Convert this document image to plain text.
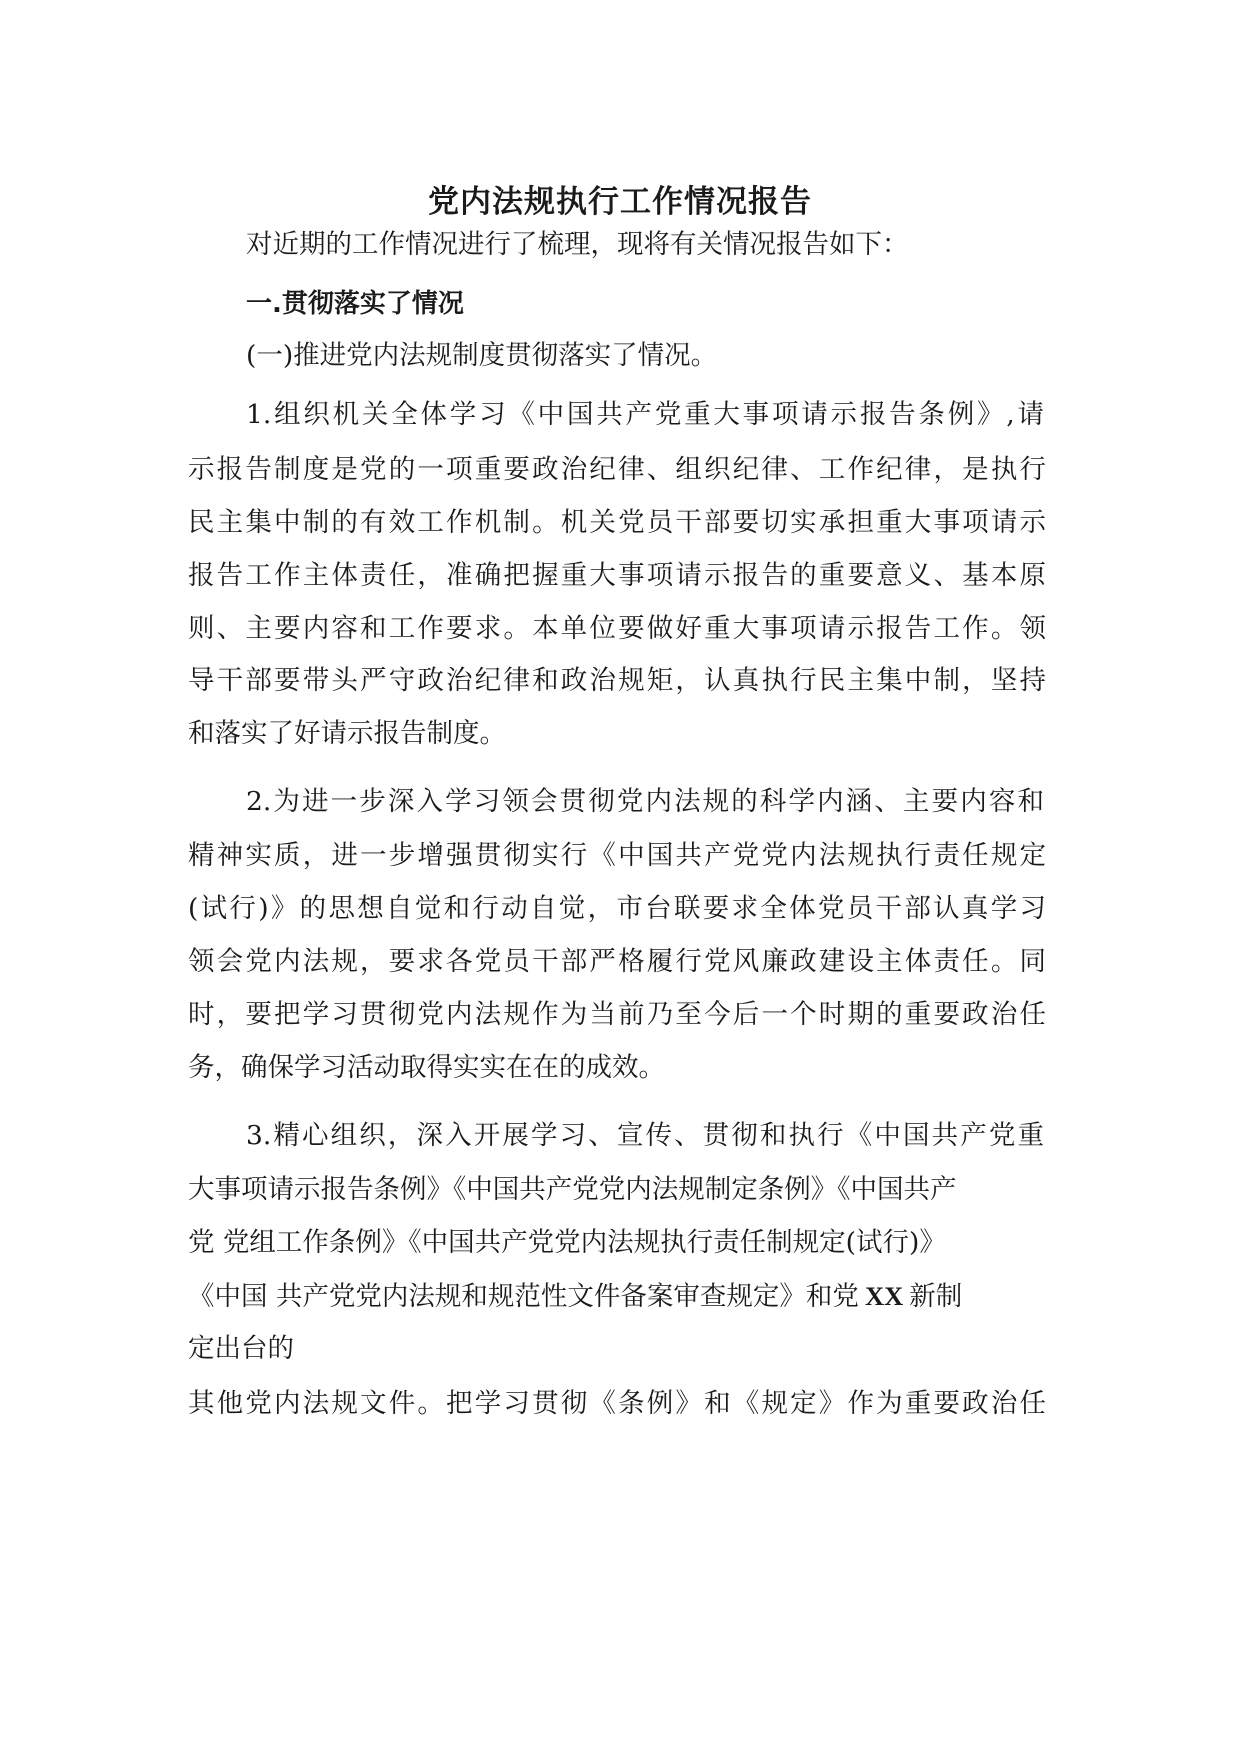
党内法规执行工作情况报告
对近期的工作情况进行了梳理，现将有关情况报告如下：
一.贯彻落实了情况
(一)推进党内法规制度贯彻落实了情况。
1.组织机关全体学习《中国共产党重大事项请示报告条例》,请
示报告制度是党的一项重要政治纪律、组织纪律、工作纪律，是执行
民主集中制的有效工作机制。机关党员干部要切实承担重大事项请示
报告工作主体责任，准确把握重大事项请示报告的重要意义、基本原
则、主要内容和工作要求。本单位要做好重大事项请示报告工作。领
导干部要带头严守政治纪律和政治规矩，认真执行民主集中制，坚持
和落实了好请示报告制度。
2.为进一步深入学习领会贯彻党内法规的科学内涵、主要内容和
精神实质，进一步增强贯彻实行《中国共产党党内法规执行责任规定
(试行)》的思想自觉和行动自觉，市台联要求全体党员干部认真学习
领会党内法规，要求各党员干部严格履行党风廉政建设主体责任。同
时，要把学习贯彻党内法规作为当前乃至今后一个时期的重要政治任
务，确保学习活动取得实实在在的成效。
3.精心组织，深入开展学习、宣传、贯彻和执行《中国共产党重
大事项请示报告条例》《中国共产党党内法规制定条例》《中国共产
党 党组工作条例》《中国共产党党内法规执行责任制规定(试行)》
《中国 共产党党内法规和规范性文件备案审查规定》和党 XX 新制
定出台的
其他党内法规文件。把学习贯彻《条例》和《规定》作为重要政治任
